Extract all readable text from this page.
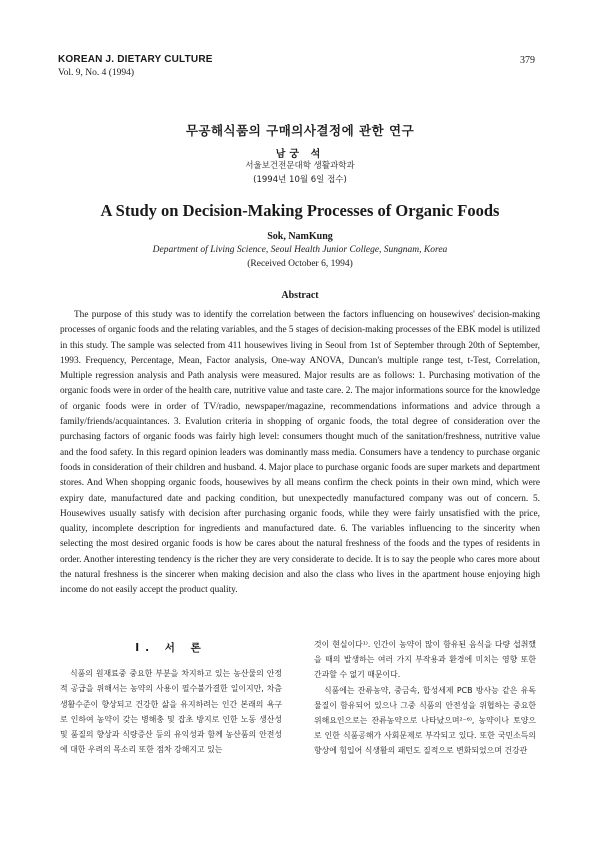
KOREAN J. DIETARY CULTURE
Vol. 9, No. 4 (1994)
379
무공해식품의 구매의사결정에 관한 연구
남궁 석
서울보건전문대학 생활과학과
(1994년 10월 6일 접수)
A Study on Decision-Making Processes of Organic Foods
Sok, NamKung
Department of Living Science, Seoul Health Junior College, Sungnam, Korea
(Received October 6, 1994)
Abstract

The purpose of this study was to identify the correlation between the factors influencing on housewives' decision-making processes of organic foods and the relating variables, and the 5 stages of decision-making processes of the EBK model is utilized in this study. The sample was selected from 411 housewives living in Seoul from 1st of September through 20th of September, 1993. Frequency, Percentage, Mean, Factor analysis, One-way ANOVA, Duncan's multiple range test, t-Test, Correlation, Multiple regression analysis and Path analysis were measured. Major results are as follows: 1. Purchasing motivation of the organic foods were in order of the health care, nutritive value and taste care. 2. The major informations source for the knowledge of organic foods were in order of TV/radio, newspaper/magazine, recommendations informations and advice through a family/friends/acquaintances. 3. Evalution criteria in shopping of organic foods, the total degree of consideration over the purchasing factors of organic foods was fairly high level: consumers thought much of the sanitation/freshness, nutritive value and the food safety. In this regard opinion leaders was dominantly mass media. Consumers have a tendency to purchase organic foods in consideration of their children and husband. 4. Major place to purchase organic foods are super markets and department stores. And When shopping organic foods, housewives by all means confirm the check points in their own mind, which were expiry date, manufactured date and packing condition, but unexpectedly manufactured company was out of concern. 5. Housewives usually satisfy with decision after purchasing organic foods, while they were fairly unsatisfied with the price, quality, incomplete description for ingredients and manufactured date. 6. The variables influencing to the sincerity when selecting the most desired organic foods is how be cares about the natural freshness of the foods and the types of residents in order. Another interesting tendency is the richer they are very considerate to decide. It is to say the people who cares more about the natural freshness is the sincerer when making decision and also the class who lives in the apartment house enjoying high income do not easily accept the product quality.

I. 서 론

식품의 원재료중 중요한 부분을 차지하고 있는 농산물의 안정적 공급을 위해서는 농약의 사용이 필수불가결한 일이지만, 차츰 생활수준이 향상되고 건강한 삶을 유지하려는 인간 본래의 욕구로 인하여 농약이 갖는 병해충 및 잡초 방지로 인한 노동 생산성 및 품질의 향상과 식량증산 등의 유익성과 함께 농산품의 안전성에 대한 우려의 목소리 또한 점차 강해지고 있는

것이 현실이다¹⁾. 인간이 농약이 많이 함유된 음식을 다량 섭취했을 때의 발생하는 여러 가지 부작용과 환경에 미치는 영향 또한 간과할 수 없기 때문이다.

식품에는 잔류농약, 중금속, 합성세제 PCB 방사능 같은 유독물질이 함유되어 있으나 그중 식품의 안전성을 위협하는 중요한 위해요인으로는 잔류농약으로 나타났으며²⁻⁶⁾, 농약이나 토양으로 인한 식품공해가 사회문제로 부각되고 있다. 또한 국민소득의 향상에 힘입어 식생활의 패턴도 질적으로 변화되었으며 건강관
